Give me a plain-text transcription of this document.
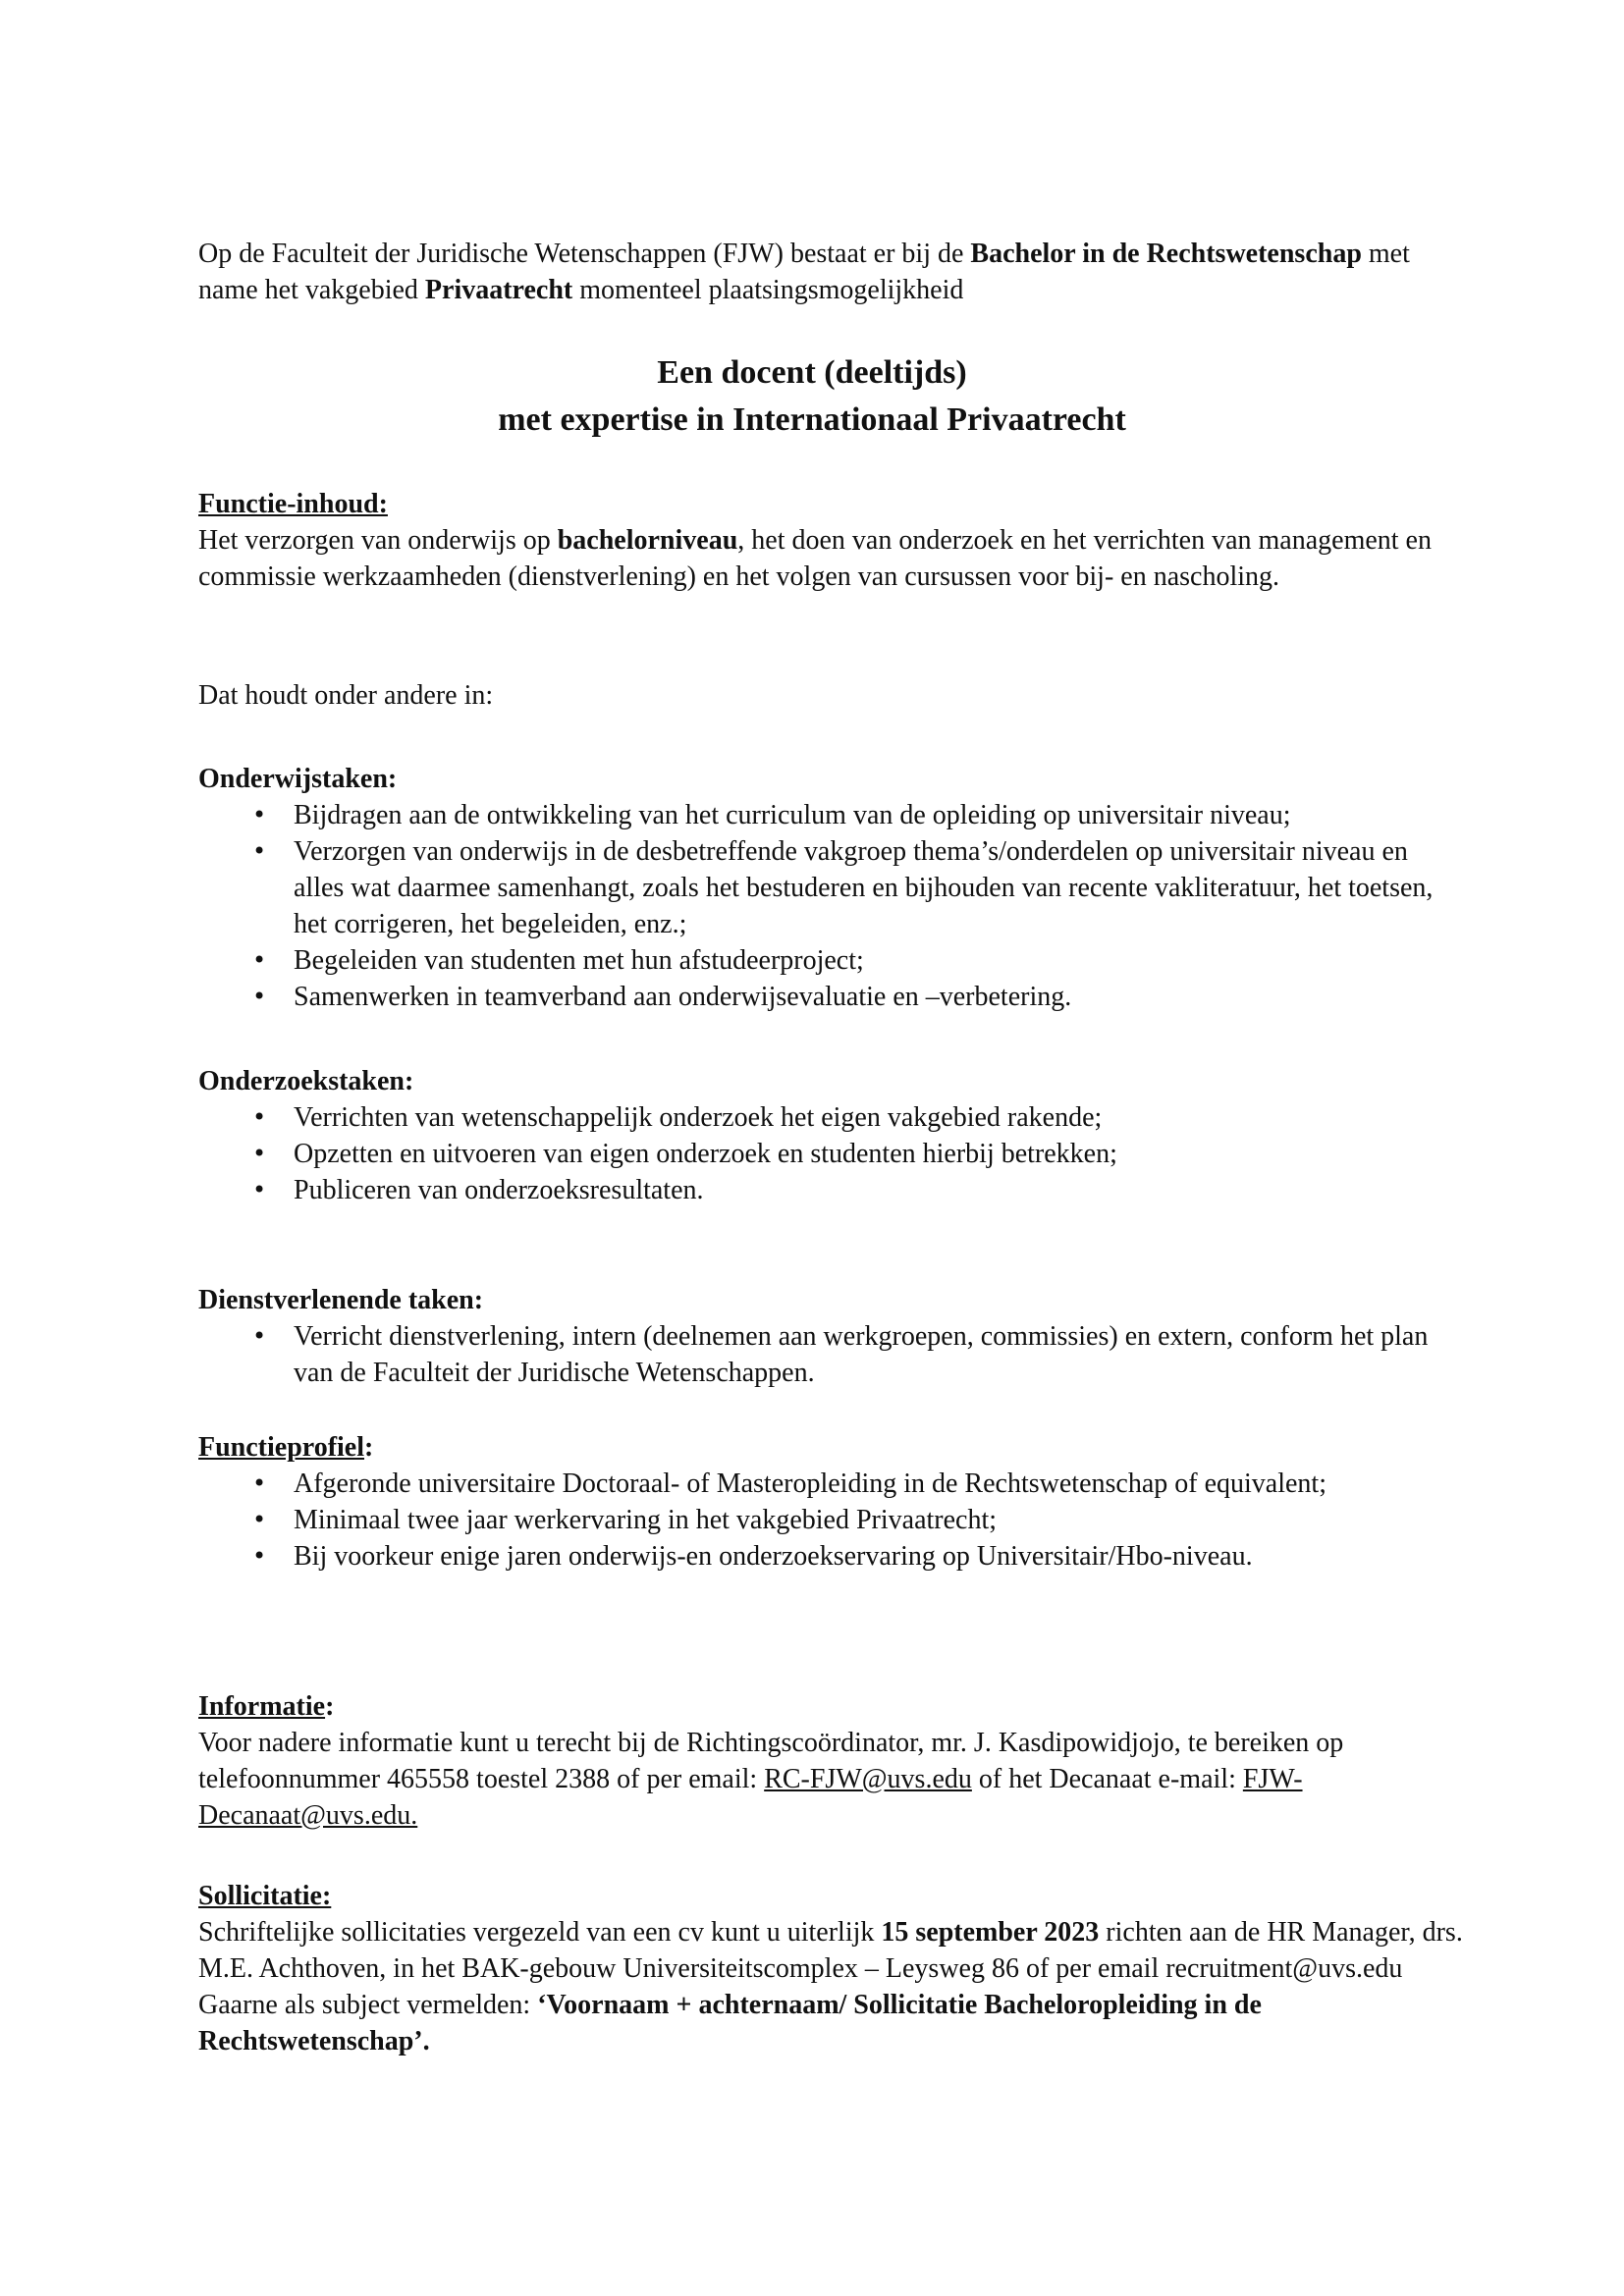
Op de Faculteit der Juridische Wetenschappen (FJW) bestaat er bij de Bachelor in de Rechtswetenschap met name het vakgebied Privaatrecht momenteel plaatsingsmogelijkheid

Een docent (deeltijds)

met expertise in Internationaal Privaatrecht

Functie-inhoud:

Het verzorgen van onderwijs op bachelorniveau, het doen van onderzoek en het verrichten van management en commissie werkzaamheden (dienstverlening) en het volgen van cursussen voor bij- en nascholing.

Dat houdt onder andere in:

Onderwijstaken:

• Bijdragen aan de ontwikkeling van het curriculum van de opleiding op universitair niveau;
• Verzorgen van onderwijs in de desbetreffende vakgroep thema’s/onderdelen op universitair niveau en alles wat daarmee samenhangt, zoals het bestuderen en bijhouden van recente vakliteratuur, het toetsen, het corrigeren, het begeleiden, enz.;
• Begeleiden van studenten met hun afstudeerproject;
• Samenwerken in teamverband aan onderwijsevaluatie en –verbetering.

Onderzoekstaken:

• Verrichten van wetenschappelijk onderzoek het eigen vakgebied rakende;
• Opzetten en uitvoeren van eigen onderzoek en studenten hierbij betrekken;
• Publiceren van onderzoeksresultaten.

Dienstverlenende taken:

• Verricht dienstverlening, intern (deelnemen aan werkgroepen, commissies) en extern, conform het plan van de Faculteit der Juridische Wetenschappen.

Functieprofiel:

• Afgeronde universitaire Doctoraal- of Masteropleiding in de Rechtswetenschap of equivalent;
• Minimaal twee jaar werkervaring in het vakgebied Privaatrecht;
• Bij voorkeur enige jaren onderwijs-en onderzoekservaring op Universitair/Hbo-niveau.

Informatie:

Voor nadere informatie kunt u terecht bij de Richtingscoördinator, mr. J. Kasdipowidjojo, te bereiken op telefoonnummer 465558 toestel 2388 of per email: RC-FJW@uvs.edu of het Decanaat e-mail: FJW-Decanaat@uvs.edu.

Sollicitatie:

Schriftelijke sollicitaties vergezeld van een cv kunt u uiterlijk 15 september 2023 richten aan de HR Manager, drs. M.E. Achthoven, in het BAK-gebouw Universiteitscomplex – Leysweg 86 of per email recruitment@uvs.edu

Gaarne als subject vermelden: ‘Voornaam + achternaam/ Sollicitatie Bacheloropleiding in de Rechtswetenschap’.
